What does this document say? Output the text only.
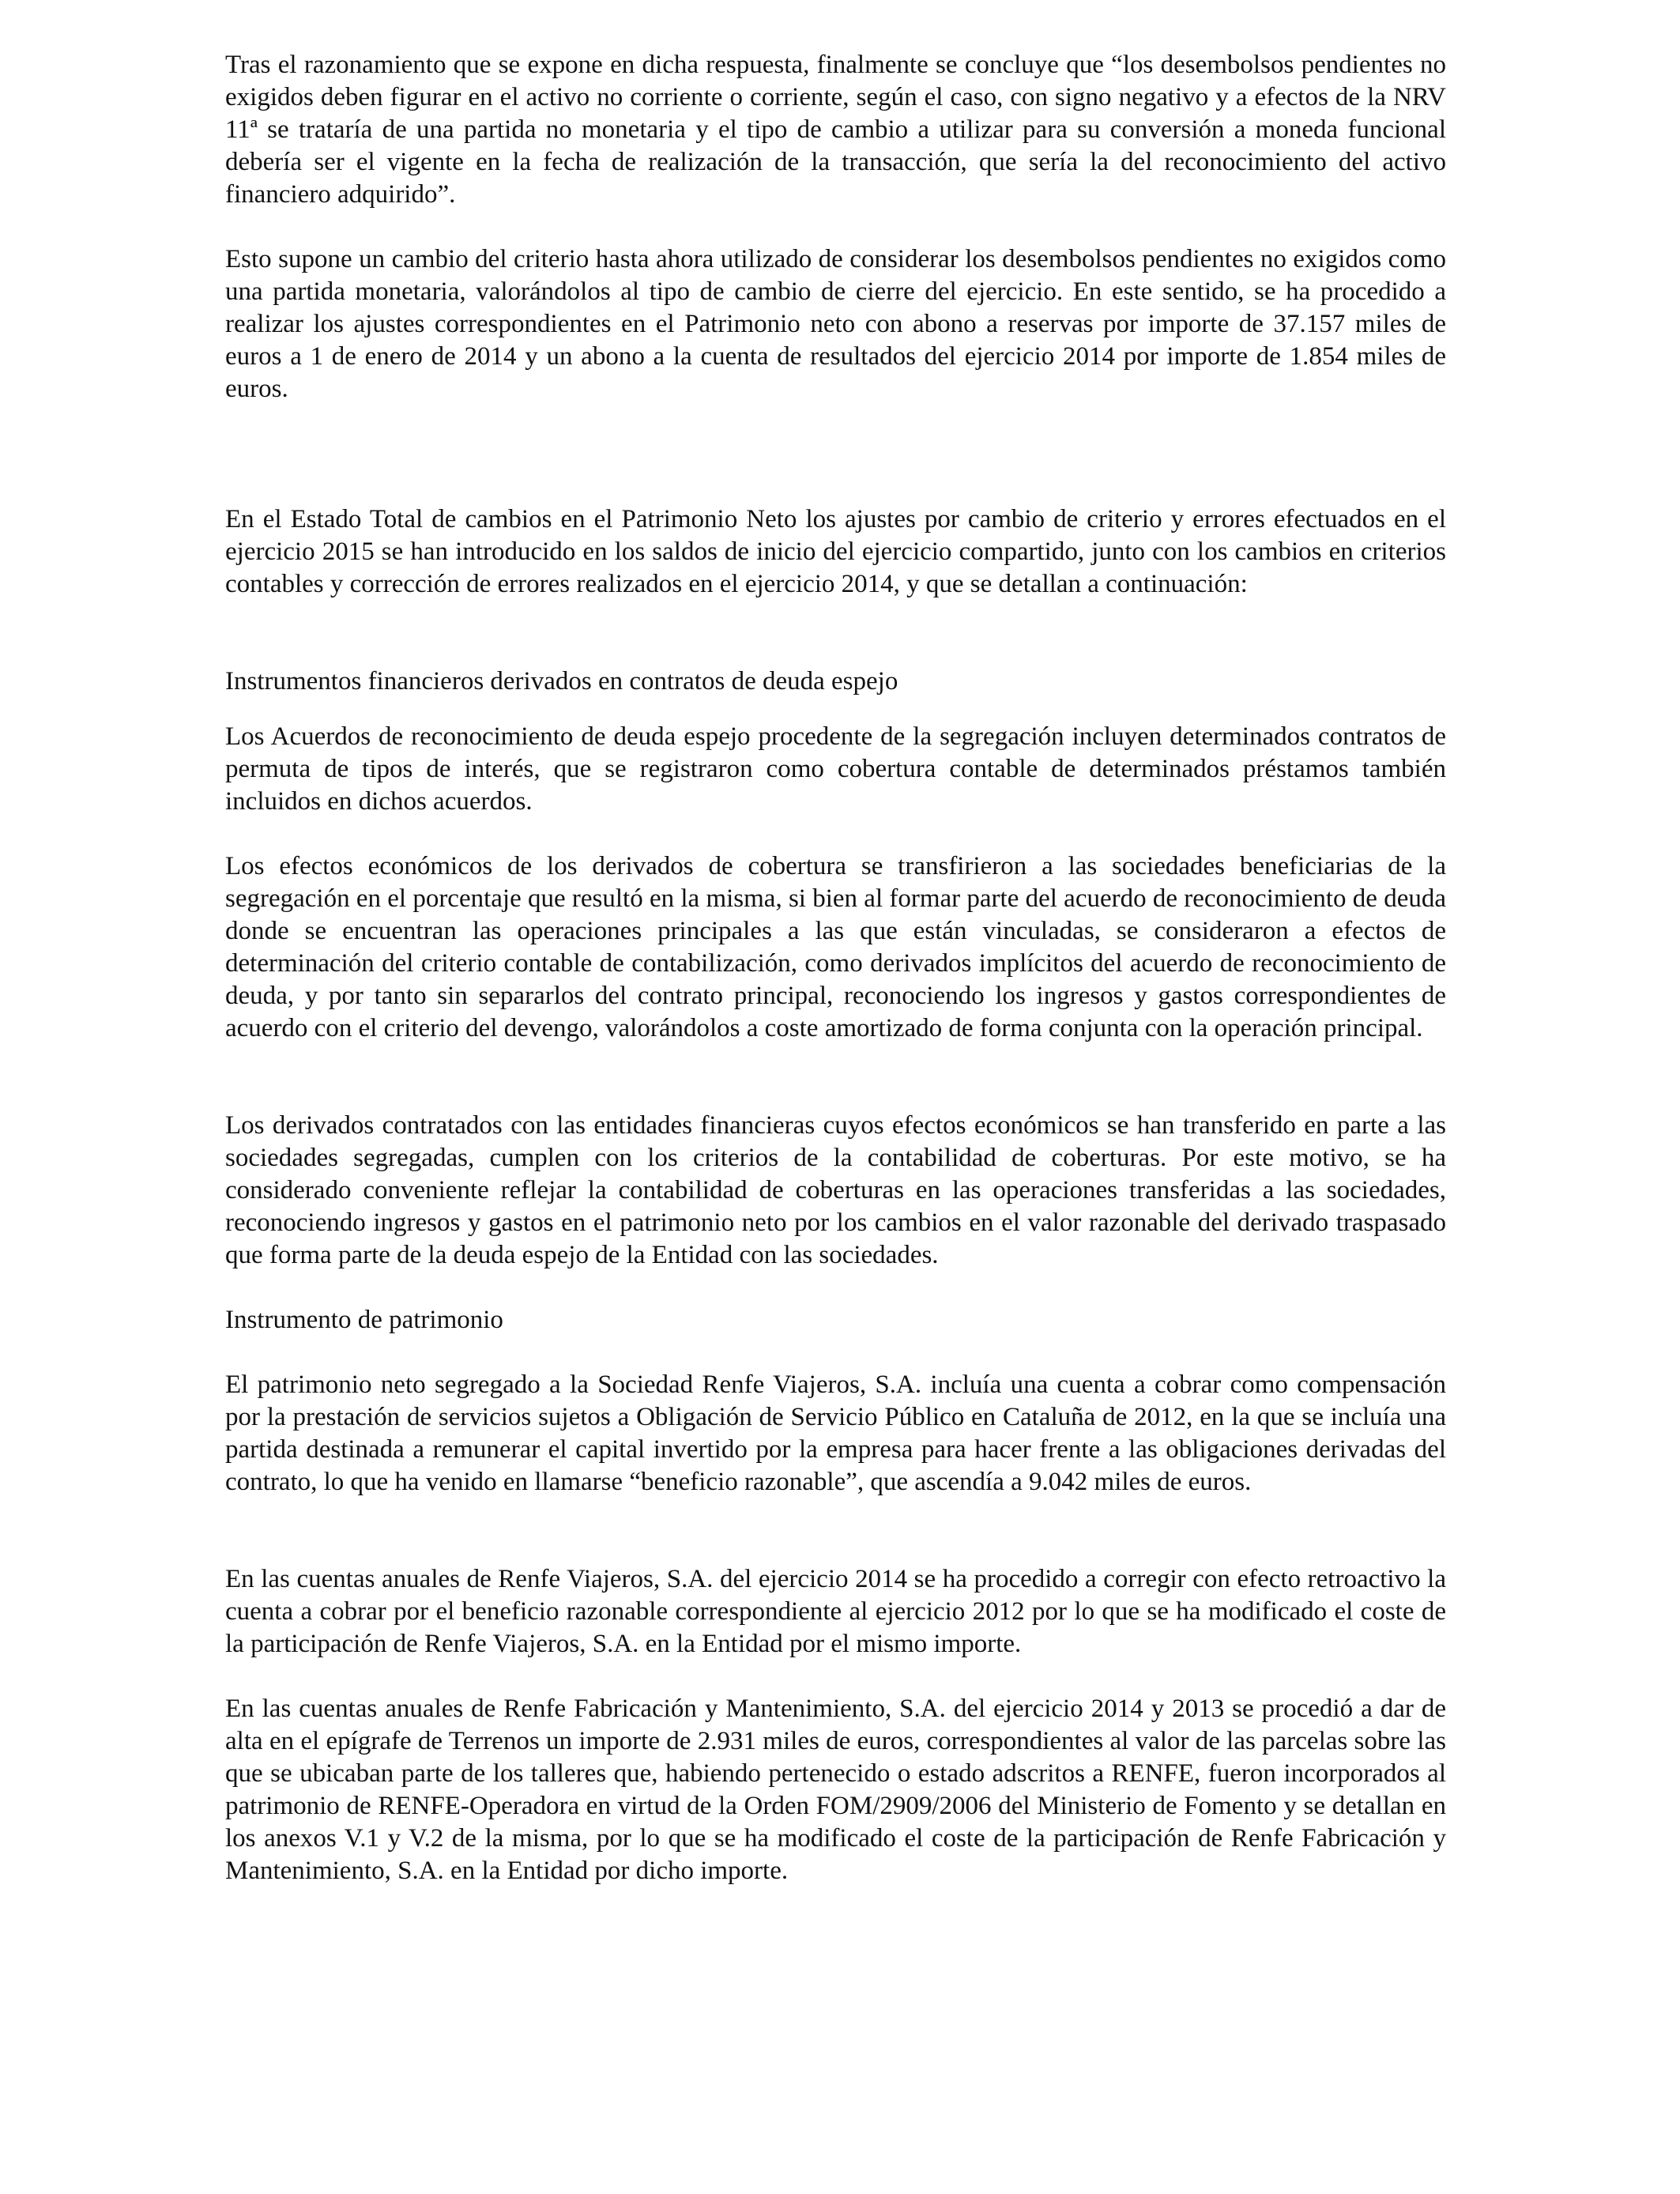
Tras el razonamiento que se expone en dicha respuesta, finalmente se concluye que “los desembolsos pendientes no exigidos deben figurar en el activo no corriente o corriente, según el caso, con signo negativo y a efectos de la NRV 11ª se trataría de una partida no monetaria y el tipo de cambio a utilizar para su conversión a moneda funcional debería ser el vigente en la fecha de realización de la transacción, que sería la del reconocimiento del activo financiero adquirido”.

Esto supone un cambio del criterio hasta ahora utilizado de considerar los desembolsos pendientes no exigidos como una partida monetaria, valorándolos al tipo de cambio de cierre del ejercicio. En este sentido, se ha procedido a realizar los ajustes correspondientes en el Patrimonio neto con abono a reservas por importe de 37.157 miles de euros a 1 de enero de 2014 y un abono a la cuenta de resultados del ejercicio 2014 por importe de 1.854 miles de euros.

En el Estado Total de cambios en el Patrimonio Neto los ajustes por cambio de criterio y errores efectuados en el ejercicio 2015 se han introducido en los saldos de inicio del ejercicio compartido, junto con los cambios en criterios contables y corrección de errores realizados en el ejercicio 2014, y que se detallan a continuación:

Instrumentos financieros derivados en contratos de deuda espejo

Los Acuerdos de reconocimiento de deuda espejo procedente de la segregación incluyen determinados contratos de permuta de tipos de interés, que se registraron como cobertura contable de determinados préstamos también incluidos en dichos acuerdos.

Los efectos económicos de los derivados de cobertura se transfirieron a las sociedades beneficiarias de la segregación en el porcentaje que resultó en la misma, si bien al formar parte del acuerdo de reconocimiento de deuda donde se encuentran las operaciones principales a las que están vinculadas, se consideraron a efectos de determinación del criterio contable de contabilización, como derivados implícitos del acuerdo de reconocimiento de deuda, y por tanto sin separarlos del contrato principal, reconociendo los ingresos y gastos correspondientes de acuerdo con el criterio del devengo, valorándolos a coste amortizado de forma conjunta con la operación principal.

Los derivados contratados con las entidades financieras cuyos efectos económicos se han transferido en parte a las sociedades segregadas, cumplen con los criterios de la contabilidad de coberturas. Por este motivo, se ha considerado conveniente reflejar la contabilidad de coberturas en las operaciones transferidas a las sociedades, reconociendo ingresos y gastos en el patrimonio neto por los cambios en el valor razonable del derivado traspasado que forma parte de la deuda espejo de la Entidad con las sociedades.

Instrumento de patrimonio

El patrimonio neto segregado a la Sociedad Renfe Viajeros, S.A. incluía una cuenta a cobrar como compensación por la prestación de servicios sujetos a Obligación de Servicio Público en Cataluña de 2012, en la que se incluía una partida destinada a remunerar el capital invertido por la empresa para hacer frente a las obligaciones derivadas del contrato, lo que ha venido en llamarse “beneficio razonable”, que ascendía a 9.042 miles de euros.

En las cuentas anuales de Renfe Viajeros, S.A. del ejercicio 2014 se ha procedido a corregir con efecto retroactivo la cuenta a cobrar por el beneficio razonable correspondiente al ejercicio 2012 por lo que se ha modificado el coste de la participación de Renfe Viajeros, S.A. en la Entidad por el mismo importe.

En las cuentas anuales de Renfe Fabricación y Mantenimiento, S.A. del ejercicio 2014 y 2013 se procedió a dar de alta en el epígrafe de Terrenos un importe de 2.931 miles de euros, correspondientes al valor de las parcelas sobre las que se ubicaban parte de los talleres que, habiendo pertenecido o estado adscritos a RENFE, fueron incorporados al patrimonio de RENFE-Operadora en virtud de la Orden FOM/2909/2006 del Ministerio de Fomento y se detallan en los anexos V.1 y V.2 de la misma, por lo que se ha modificado el coste de la participación de Renfe Fabricación y Mantenimiento, S.A. en la Entidad por dicho importe.
